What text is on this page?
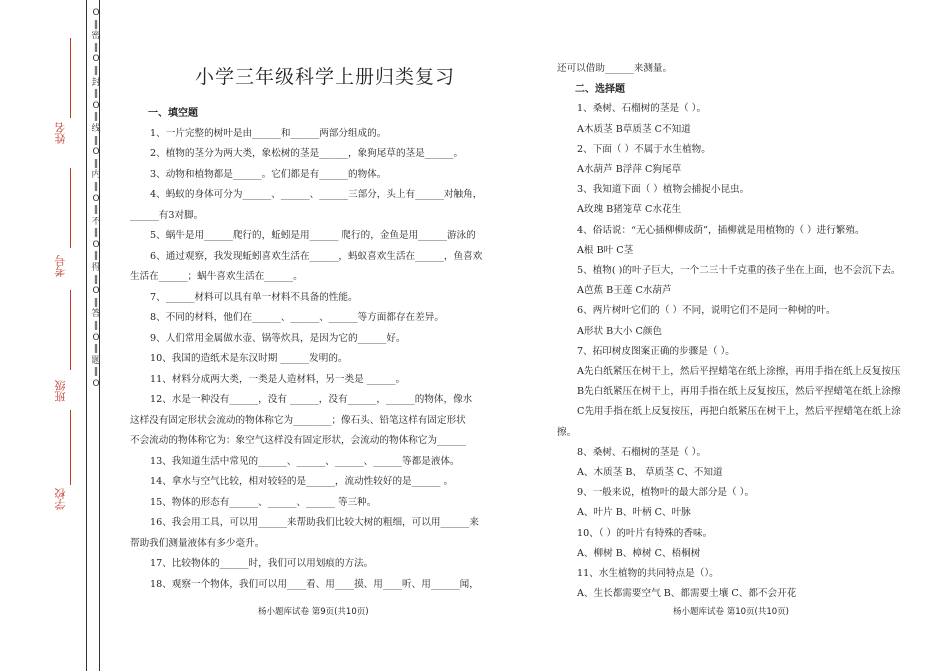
O
‖
密
‖
O
‖
封
‖
O
‖
线
‖
O
‖
内
‖
O
‖
不
‖
O
‖
得
‖
O
‖
答
‖
O
‖
题
‖
O
姓名
考号
班级
学校
小学三年级科学上册归类复习
一、填空题
1、一片完整的树叶是由______和______两部分组成的。
2、植物的茎分为两大类，象松树的茎是______，象狗尾草的茎是______。
3、动物和植物都是______。它们都是有______的物体。
4、蚂蚁的身体可分为______、______、______三部分，头上有______对触角，
______有3对脚。
5、蜗牛是用______爬行的，蚯蚓是用______ 爬行的，金鱼是用______游泳的
6、通过观察，我发现蚯蚓喜欢生活在______，蚂蚁喜欢生活在______，鱼喜欢
生活在______；蜗牛喜欢生活在______。
7、______材料可以具有单一材料不具备的性能。
8、不同的材料，他们在______、______、______等方面都存在差异。
9、人们常用金属做水壶、锅等炊具，是因为它的______好。
10、我国的造纸术是东汉时期 ______发明的。
11、材料分成两大类，一类是人造材料，另一类是 ______。
12、水是一种没有______，没有 ______，没有______，______的物体，像水
这样没有固定形状会流动的物体称它为________；像石头、铅笔这样有固定形状
不会流动的物体称它为：象空气这样没有固定形状，会流动的物体称它为______
13、我知道生活中常见的______、______、______、______等都是液体。
14、拿水与空气比较，相对较轻的是______，流动性较好的是______ 。
15、物体的形态有______、______、______ 等三种。
16、我会用工具，可以用______来帮助我们比较大树的粗细，可以用______来
帮助我们测量液体有多少毫升。
17、比较物体的______时，我们可以用划痕的方法。
18、观察一个物体，我们可以用____看、用____摸、用____听、用______闻，
还可以借助______来测量。
二、选择题
1、桑树、石榴树的茎是（ ）。
A木质茎 B草质茎 C不知道
2、下面（ ）不属于水生植物。
A水葫芦 B浮萍 C狗尾草
3、我知道下面（ ）植物会捕捉小昆虫。
A玫瑰 B猪笼草 C水花生
4、俗话说：“无心插柳柳成荫”，插柳就是用植物的（ ）进行繁殖。
A根 B叶 C茎
5、植物( )的叶子巨大，一个二三十千克重的孩子坐在上面，也不会沉下去。
A芭蕉 B王莲 C水葫芦
6、两片树叶它们的（ ）不同，说明它们不是同一种树的叶。
A形状 B大小 C颜色
7、拓印树皮图案正确的步骤是（ ）。
A先白纸紧压在树干上，然后平捏蜡笔在纸上涂擦，再用手指在纸上反复按压
B先白纸紧压在树干上，再用手指在纸上反复按压，然后平捏蜡笔在纸上涂擦
C先用手指在纸上反复按压，再把白纸紧压在树干上，然后平捏蜡笔在纸上涂
擦。
8、桑树、石榴树的茎是（ ）。
A、木质茎 B、 草质茎 C、不知道
9、一般来说，植物叶的最大部分是（ ）。
A、叶片 B、叶柄 C、叶脉
10、（ ）的叶片有特殊的香味。
A、柳树 B、樟树 C、梧桐树
11、水生植物的共同特点是（）。
A、生长都需要空气 B、都需要土壤 C、都不会开花
杨小题库试卷 第9页(共10页)	杨小题库试卷 第10页(共10页)
